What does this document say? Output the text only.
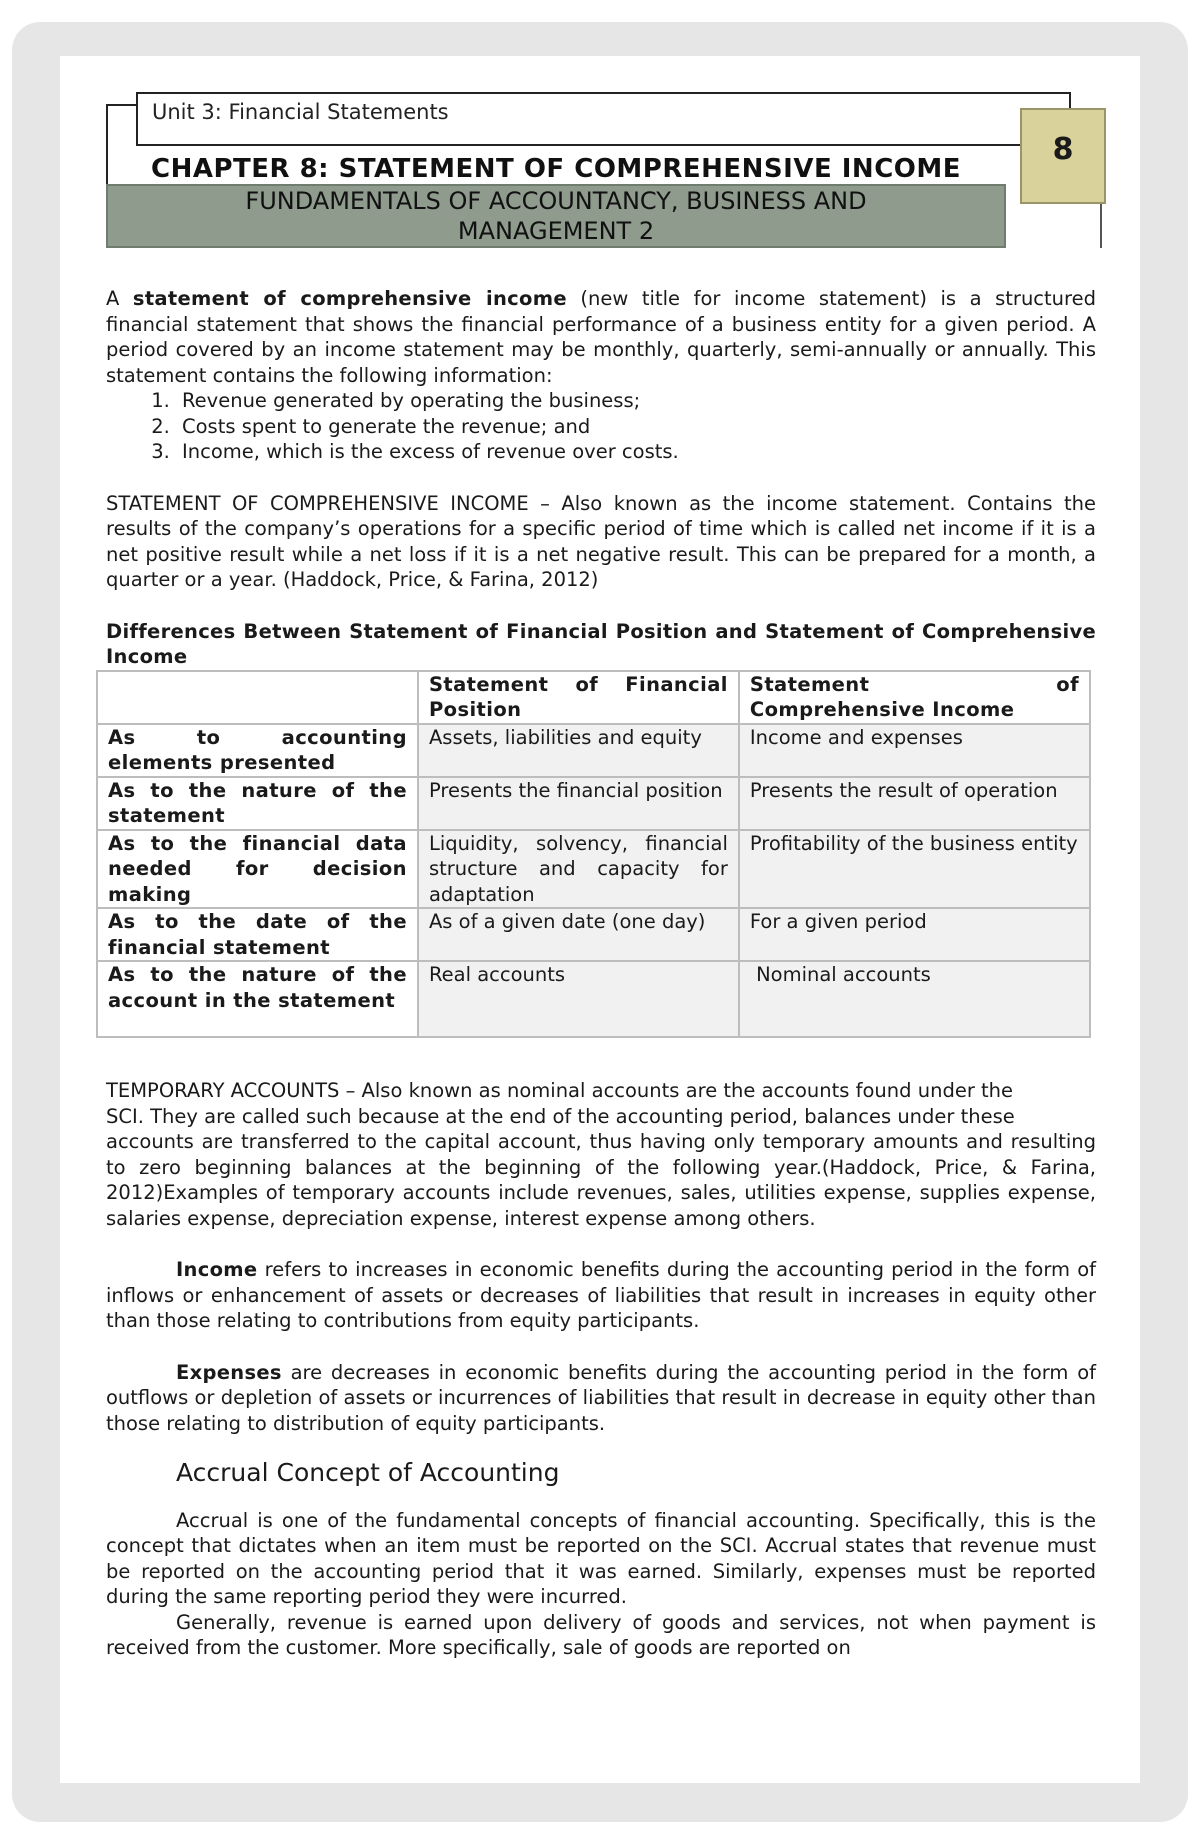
Unit 3: Financial Statements
CHAPTER 8: STATEMENT OF COMPREHENSIVE INCOME
FUNDAMENTALS OF ACCOUNTANCY, BUSINESS AND MANAGEMENT 2
8

A statement of comprehensive income (new title for income statement) is a structured financial statement that shows the financial performance of a business entity for a given period. A period covered by an income statement may be monthly, quarterly, semi-annually or annually. This statement contains the following information:

1. Revenue generated by operating the business;
2. Costs spent to generate the revenue; and
3. Income, which is the excess of revenue over costs.

STATEMENT OF COMPREHENSIVE INCOME – Also known as the income statement. Contains the results of the company’s operations for a specific period of time which is called net income if it is a net positive result while a net loss if it is a net negative result. This can be prepared for a month, a quarter or a year. (Haddock, Price, & Farina, 2012)

Differences Between Statement of Financial Position and Statement of Comprehensive Income

	Statement of Financial Position	Statement of Comprehensive Income
As to accounting elements presented	Assets, liabilities and equity	Income and expenses
As to the nature of the statement	Presents the financial position	Presents the result of operation
As to the financial data needed for decision making	Liquidity, solvency, financial structure and capacity for adaptation	Profitability of the business entity
As to the date of the financial statement	As of a given date (one day)	For a given period
As to the nature of the account in the statement	Real accounts	Nominal accounts

TEMPORARY ACCOUNTS – Also known as nominal accounts are the accounts found under the

SCI. They are called such because at the end of the accounting period, balances under these

accounts are transferred to the capital account, thus having only temporary amounts and resulting to zero beginning balances at the beginning of the following year.(Haddock, Price, & Farina, 2012)Examples of temporary accounts include revenues, sales, utilities expense, supplies expense, salaries expense, depreciation expense, interest expense among others.

Income refers to increases in economic benefits during the accounting period in the form of inflows or enhancement of assets or decreases of liabilities that result in increases in equity other than those relating to contributions from equity participants.

Expenses are decreases in economic benefits during the accounting period in the form of outflows or depletion of assets or incurrences of liabilities that result in decrease in equity other than those relating to distribution of equity participants.

Accrual Concept of Accounting

Accrual is one of the fundamental concepts of financial accounting. Specifically, this is the concept that dictates when an item must be reported on the SCI. Accrual states that revenue must be reported on the accounting period that it was earned. Similarly, expenses must be reported during the same reporting period they were incurred.

Generally, revenue is earned upon delivery of goods and services, not when payment is received from the customer. More specifically, sale of goods are reported on
